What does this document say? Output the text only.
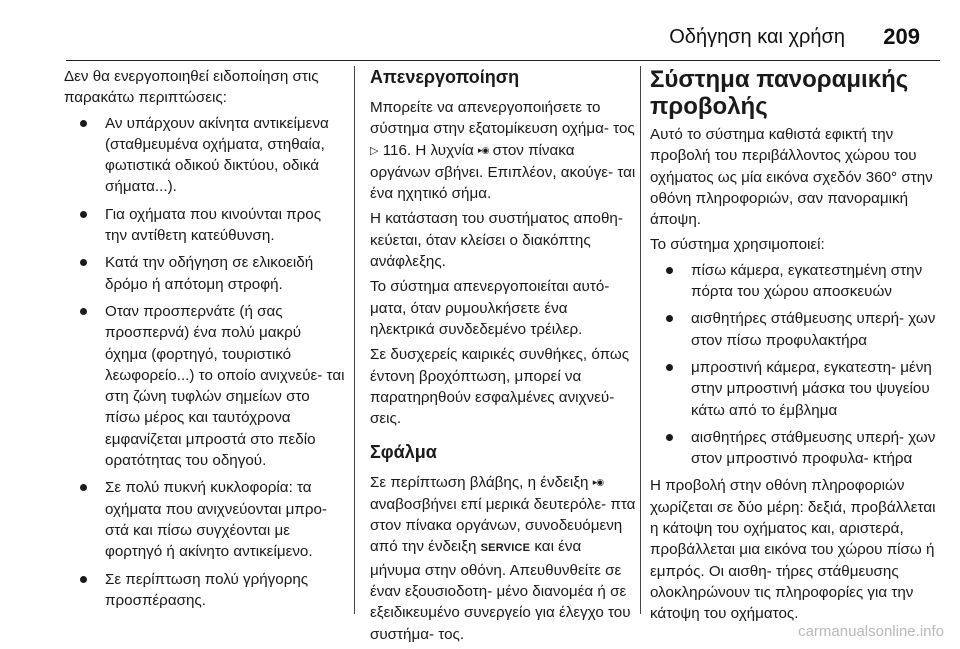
Οδήγηση και χρήση 209

Δεν θα ενεργοποιηθεί ειδοποίηση στις παρακάτω περιπτώσεις:

Αν υπάρχουν ακίνητα αντικείμενα (σταθμευμένα οχήματα, στηθαία, φωτιστικά οδικού δικτύου, οδικά σήματα...).
Για οχήματα που κινούνται προς την αντίθετη κατεύθυνση.
Κατά την οδήγηση σε ελικοειδή δρόμο ή απότομη στροφή.
Οταν προσπερνάτε (ή σας προσπερνά) ένα πολύ μακρύ όχημα (φορτηγό, τουριστικό λεωφορείο...) το οποίο ανιχνεύε- ται στη ζώνη τυφλών σημείων στο πίσω μέρος και ταυτόχρονα εμφανίζεται μπροστά στο πεδίο ορατότητας του οδηγού.
Σε πολύ πυκνή κυκλοφορία: τα οχήματα που ανιχνεύονται μπρο- στά και πίσω συγχέονται με φορτηγό ή ακίνητο αντικείμενο.
Σε περίπτωση πολύ γρήγορης προσπέρασης.
Απενεργοποίηση

Μπορείτε να απενεργοποιήσετε το σύστημα στην εξατομίκευση οχήμα- τος ▷ 116. Η λυχνία ▸◉ στον πίνακα οργάνων σβήνει. Επιπλέον, ακούγε- ται ένα ηχητικό σήμα.

Η κατάσταση του συστήματος αποθη- κεύεται, όταν κλείσει ο διακόπτης ανάφλεξης.

Το σύστημα απενεργοποιείται αυτό- ματα, όταν ρυμουλκήσετε ένα ηλεκτρικά συνδεδεμένο τρέιλερ.

Σε δυσχερείς καιρικές συνθήκες, όπως έντονη βροχόπτωση, μπορεί να παρατηρηθούν εσφαλμένες ανιχνεύ- σεις.

Σφάλμα

Σε περίπτωση βλάβης, η ένδειξη ▸◉ αναβοσβήνει επί μερικά δευτερόλε- πτα στον πίνακα οργάνων, συνοδευόμενη από την ένδειξη SERVICE και ένα μήνυμα στην οθόνη. Απευθυνθείτε σε έναν εξουσιοδοτη- μένο διανομέα ή σε εξειδικευμένο συνεργείο για έλεγχο του συστήμα- τος.

Σύστημα πανοραμικής προβολής

Αυτό το σύστημα καθιστά εφικτή την προβολή του περιβάλλοντος χώρου του οχήματος ως μία εικόνα σχεδόν 360° στην οθόνη πληροφοριών, σαν πανοραμική άποψη.

Το σύστημα χρησιμοποιεί:

πίσω κάμερα, εγκατεστημένη στην πόρτα του χώρου αποσκευών
αισθητήρες στάθμευσης υπερή- χων στον πίσω προφυλακτήρα
μπροστινή κάμερα, εγκατεστη- μένη στην μπροστινή μάσκα του ψυγείου κάτω από το έμβλημα
αισθητήρες στάθμευσης υπερή- χων στον μπροστινό προφυλα- κτήρα

Η προβολή στην οθόνη πληροφοριών χωρίζεται σε δύο μέρη: δεξιά, προβάλλεται η κάτοψη του οχήματος και, αριστερά, προβάλλεται μια εικόνα του χώρου πίσω ή εμπρός. Οι αισθη- τήρες στάθμευσης ολοκληρώνουν τις πληροφορίες για την κάτοψη του οχήματος.

carmanualsonline.info
